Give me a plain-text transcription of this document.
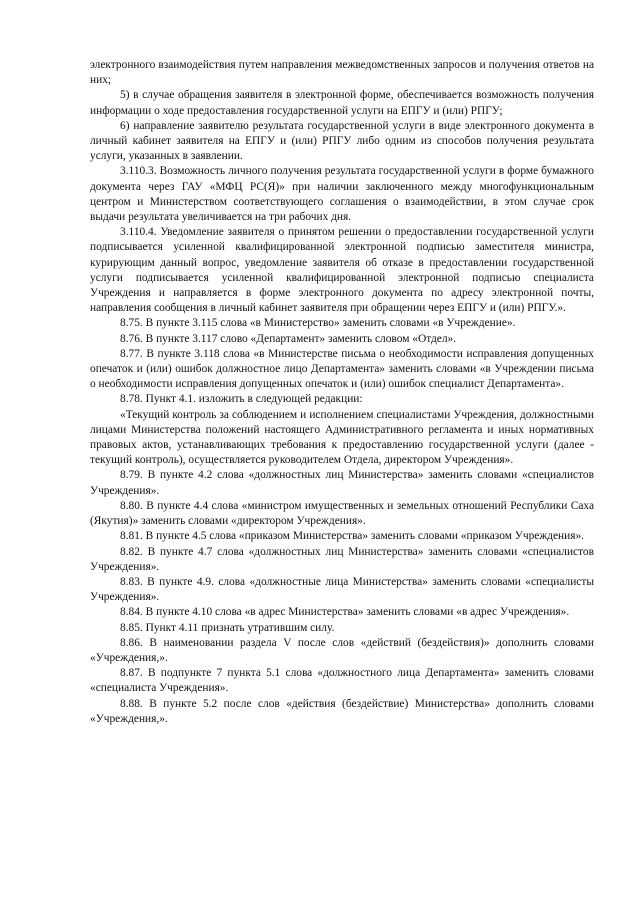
электронного взаимодействия путем направления межведомственных запросов и получения ответов на них;

5) в случае обращения заявителя в электронной форме, обеспечивается возможность получения информации о ходе предоставления государственной услуги на ЕПГУ и (или) РПГУ;

6) направление заявителю результата государственной услуги в виде электронного документа в личный кабинет заявителя на ЕПГУ и (или) РПГУ либо одним из способов получения результата услуги, указанных в заявлении.

3.110.3. Возможность личного получения результата государственной услуги в форме бумажного документа через ГАУ «МФЦ РС(Я)» при наличии заключенного между многофункциональным центром и Министерством соответствующего соглашения о взаимодействии, в этом случае срок выдачи результата увеличивается на три рабочих дня.

3.110.4. Уведомление заявителя о принятом решении о предоставлении государственной услуги подписывается усиленной квалифицированной электронной подписью заместителя министра, курирующим данный вопрос, уведомление заявителя об отказе в предоставлении государственной услуги подписывается усиленной квалифицированной электронной подписью специалиста Учреждения и направляется в форме электронного документа по адресу электронной почты, направления сообщения в личный кабинет заявителя при обращении через ЕПГУ и (или) РПГУ.».

8.75. В пункте 3.115 слова «в Министерство» заменить словами «в Учреждение».

8.76. В пункте 3.117 слово «Департамент» заменить словом «Отдел».

8.77. В пункте 3.118 слова «в Министерстве письма о необходимости исправления допущенных опечаток и (или) ошибок должностное лицо Департамента» заменить словами «в Учреждении письма о необходимости исправления допущенных опечаток и (или) ошибок специалист Департамента».

8.78. Пункт 4.1. изложить в следующей редакции:

«Текущий контроль за соблюдением и исполнением специалистами Учреждения, должностными лицами Министерства положений настоящего Административного регламента и иных нормативных правовых актов, устанавливающих требования к предоставлению государственной услуги (далее - текущий контроль), осуществляется руководителем Отдела, директором Учреждения».

8.79. В пункте 4.2 слова «должностных лиц Министерства» заменить словами «специалистов Учреждения».

8.80. В пункте 4.4 слова «министром имущественных и земельных отношений Республики Саха (Якутия)» заменить словами «директором Учреждения».

8.81. В пункте 4.5 слова «приказом Министерства» заменить словами «приказом Учреждения».

8.82. В пункте 4.7 слова «должностных лиц Министерства» заменить словами «специалистов Учреждения».

8.83. В пункте 4.9. слова «должностные лица Министерства» заменить словами «специалисты Учреждения».

8.84. В пункте 4.10 слова «в адрес Министерства» заменить словами «в адрес Учреждения».

8.85. Пункт 4.11 признать утратившим силу.

8.86. В наименовании раздела V после слов «действий (бездействия)» дополнить словами «Учреждения,».

8.87. В подпункте 7 пункта 5.1 слова «должностного лица Департамента» заменить словами «специалиста Учреждения».

8.88. В пункте 5.2 после слов «действия (бездействие) Министерства» дополнить словами «Учреждения,».
